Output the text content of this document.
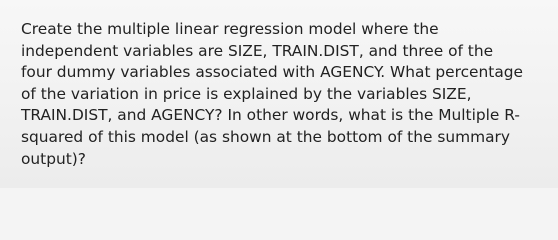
Create the multiple linear regression model where the
independent variables are SIZE, TRAIN.DIST, and three of the
four dummy variables associated with AGENCY. What percentage
of the variation in price is explained by the variables SIZE,
TRAIN.DIST, and AGENCY? In other words, what is the Multiple R-
squared of this model (as shown at the bottom of the summary
output)?
